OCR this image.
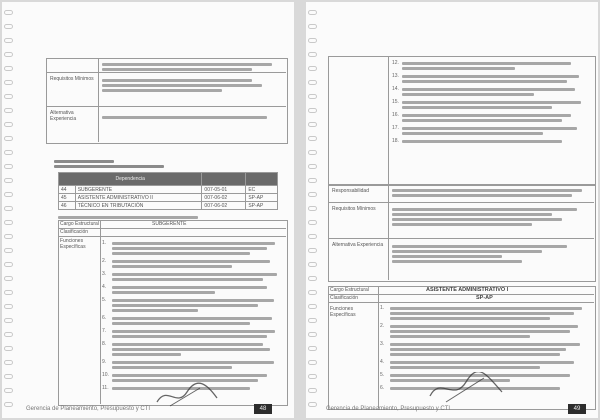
Requisitos Mínimos
Alternativa Experiencia
Dependencia			
44	SUBGERENTE	007-05-01	EC
45	ASISTENTE ADMINISTRATIVO II	007-06-02	SP-AP
46	TÉCNICO EN TRIBUTACIÓN	007-06-02	SP-AP
Cargo Estructural	SUBGERENTE
Clasificación
Funciones Específicas
1.
2.
3.
4.
5.
6.
7.
8.
9.
10.
11.
Gerencia de Planeamiento, Presupuesto y CTI	48
12.
13.
14.
15.
16.
17.
18.
Responsabilidad
Requisitos Mínimos
Alternativa Experiencia
Cargo Estructural	ASISTENTE ADMINISTRATIVO I
Clasificación	SP-AP
Funciones Específicas
1.
2.
3.
4.
5.
6.
Gerencia de Planeamiento, Presupuesto y CTI	49
